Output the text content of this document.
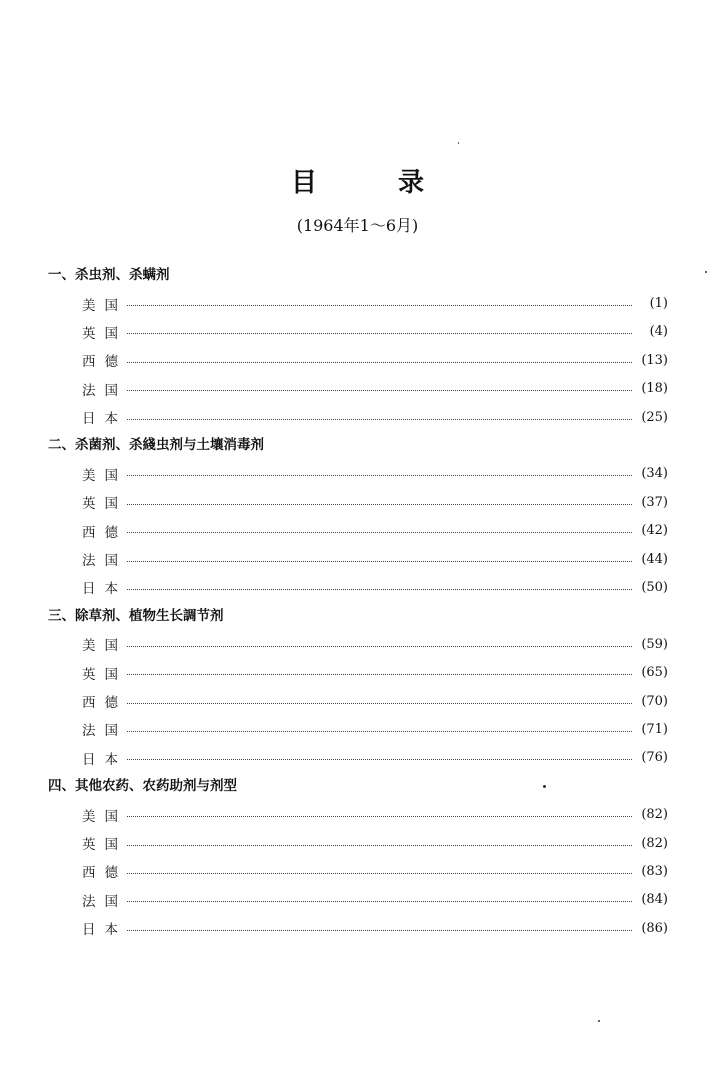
目 录
(1964年1～6月)
一、杀虫剂、杀螨剂
美国	(1)
英国	(4)
西德	(13)
法国	(18)
日本	(25)
二、杀菌剂、杀綫虫剂与土壤消毒剂
美国	(34)
英国	(37)
西德	(42)
法国	(44)
日本	(50)
三、除草剂、植物生长調节剂
美国	(59)
英国	(65)
西德	(70)
法国	(71)
日本	(76)
四、其他农药、农药助剂与剂型
美国	(82)
英国	(82)
西德	(83)
法国	(84)
日本	(86)
